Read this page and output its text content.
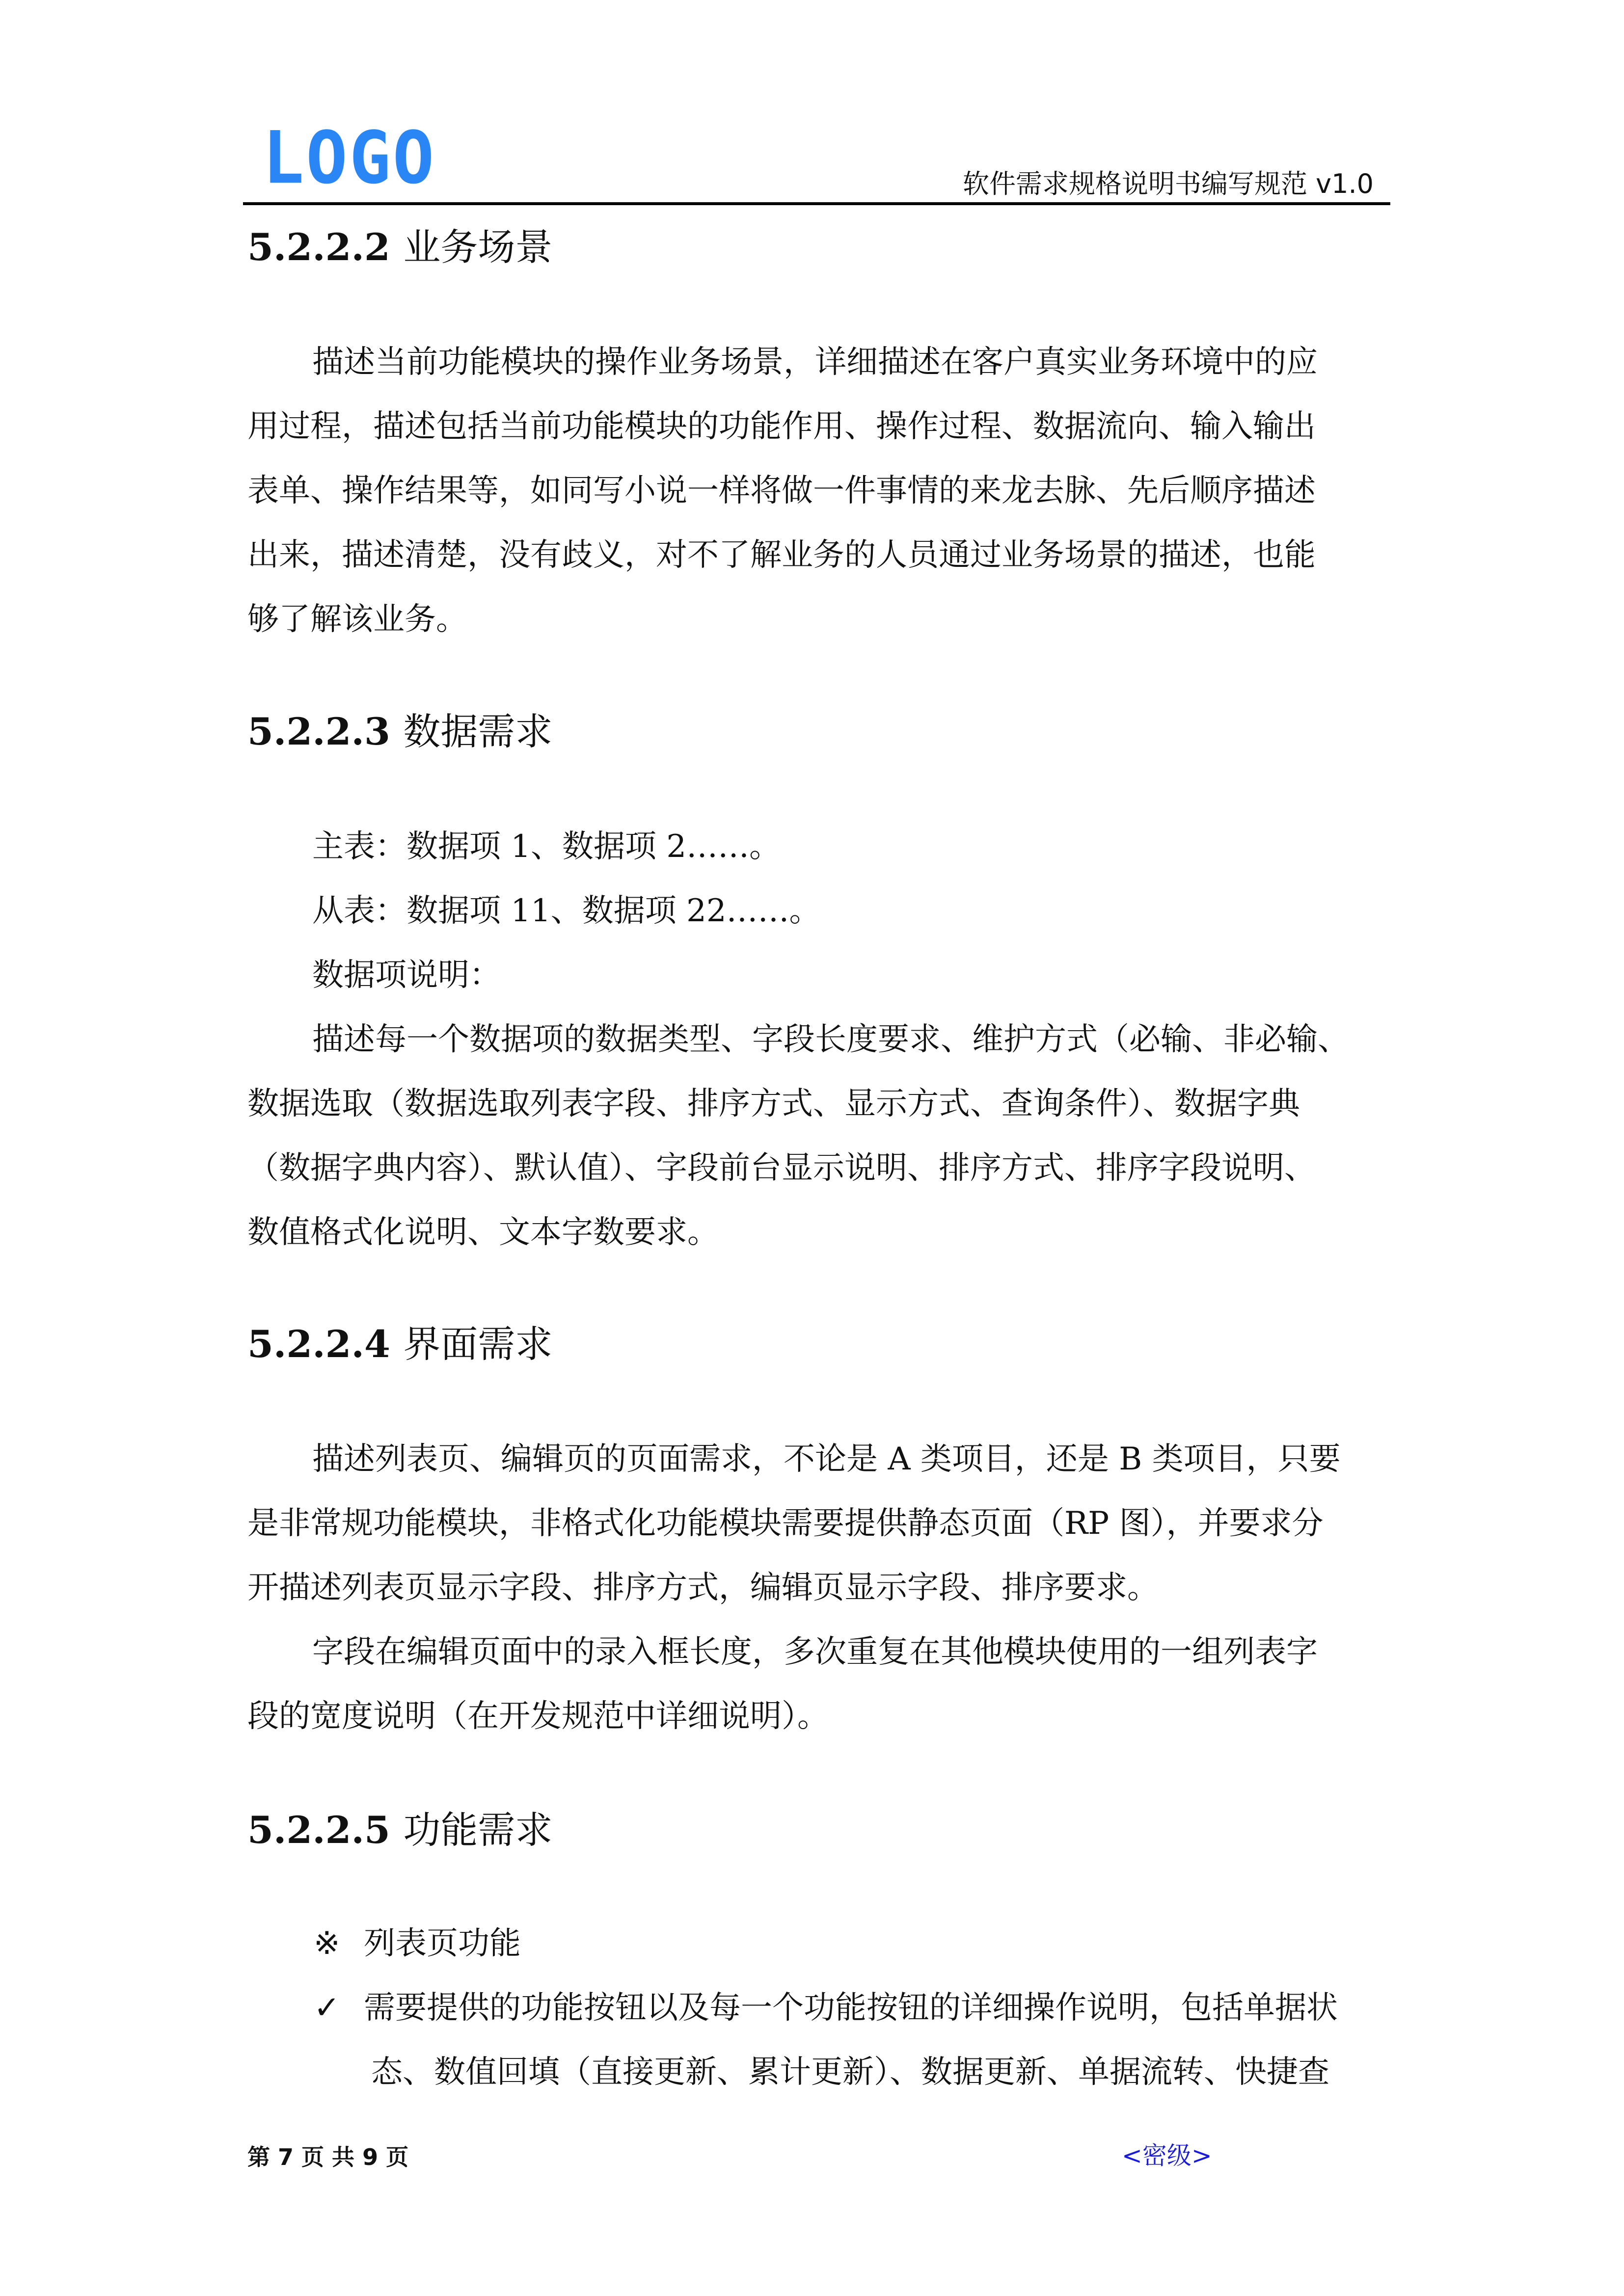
LOGO	软件需求规格说明书编写规范 v1.0
5.2.2.2 业务场景
描述当前功能模块的操作业务场景，详细描述在客户真实业务环境中的应
用过程，描述包括当前功能模块的功能作用、操作过程、数据流向、输入输出
表单、操作结果等，如同写小说一样将做一件事情的来龙去脉、先后顺序描述
出来，描述清楚，没有歧义，对不了解业务的人员通过业务场景的描述，也能
够了解该业务。
5.2.2.3 数据需求
主表：数据项 1、数据项 2……。
从表：数据项 11、数据项 22……。
数据项说明：
描述每一个数据项的数据类型、字段长度要求、维护方式（必输、非必输、
数据选取（数据选取列表字段、排序方式、显示方式、查询条件）、数据字典
（数据字典内容）、默认值）、字段前台显示说明、排序方式、排序字段说明、
数值格式化说明、文本字数要求。
5.2.2.4 界面需求
描述列表页、编辑页的页面需求，不论是 A 类项目，还是 B 类项目，只要
是非常规功能模块，非格式化功能模块需要提供静态页面（RP 图），并要求分
开描述列表页显示字段、排序方式，编辑页显示字段、排序要求。
字段在编辑页面中的录入框长度，多次重复在其他模块使用的一组列表字
段的宽度说明（在开发规范中详细说明）。
5.2.2.5 功能需求
※ 列表页功能
✓ 需要提供的功能按钮以及每一个功能按钮的详细操作说明，包括单据状
态、数值回填（直接更新、累计更新）、数据更新、单据流转、快捷查
第 7 页 共 9 页	<密级>
